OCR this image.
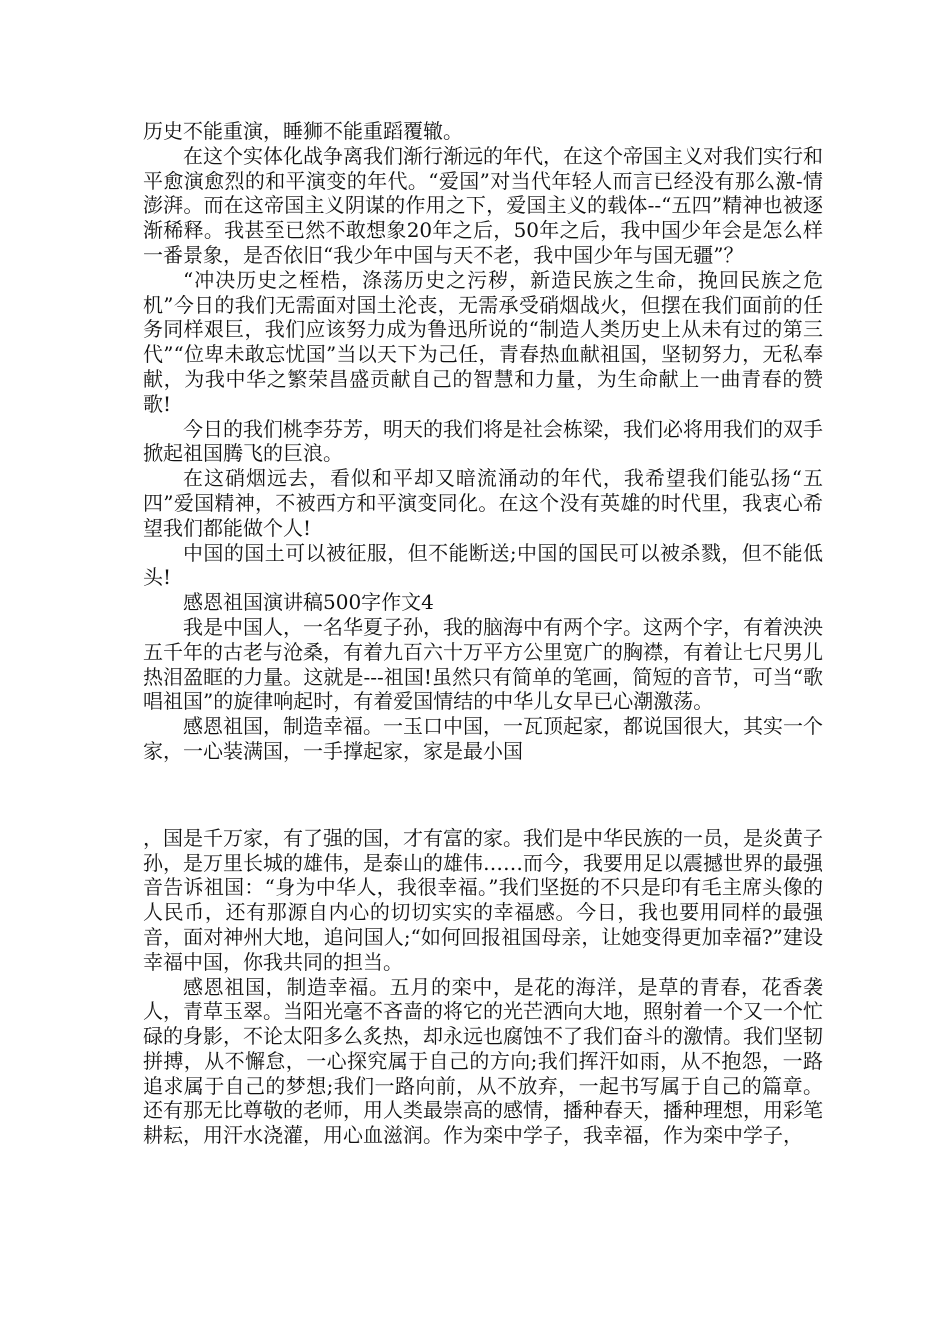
历史不能重演，睡狮不能重蹈覆辙。

在这个实体化战争离我们渐行渐远的年代，在这个帝国主义对我们实行和平愈演愈烈的和平演变的年代。“爱国”对当代年轻人而言已经没有那么激-情澎湃。而在这帝国主义阴谋的作用之下，爱国主义的载体--“五四”精神也被逐渐稀释。我甚至已然不敢想象20年之后，50年之后，我中国少年会是怎么样一番景象，是否依旧“我少年中国与天不老，我中国少年与国无疆”？

“冲决历史之桎梏，涤荡历史之污秽，新造民族之生命，挽回民族之危机”今日的我们无需面对国土沦丧，无需承受硝烟战火，但摆在我们面前的任务同样艰巨，我们应该努力成为鲁迅所说的“制造人类历史上从未有过的第三代”“位卑未敢忘忧国”当以天下为己任，青春热血献祖国，坚韧努力，无私奉献，为我中华之繁荣昌盛贡献自己的智慧和力量，为生命献上一曲青春的赞歌!

今日的我们桃李芬芳，明天的我们将是社会栋梁，我们必将用我们的双手掀起祖国腾飞的巨浪。

在这硝烟远去，看似和平却又暗流涌动的年代，我希望我们能弘扬“五四”爱国精神，不被西方和平演变同化。在这个没有英雄的时代里，我衷心希望我们都能做个人!

中国的国土可以被征服，但不能断送;中国的国民可以被杀戮，但不能低头!

感恩祖国演讲稿500字作文4

我是中国人，一名华夏子孙，我的脑海中有两个字。这两个字，有着泱泱五千年的古老与沧桑，有着九百六十万平方公里宽广的胸襟，有着让七尺男儿热泪盈眶的力量。这就是---祖国!虽然只有简单的笔画，简短的音节，可当“歌唱祖国”的旋律响起时，有着爱国情结的中华儿女早已心潮激荡。

感恩祖国，制造幸福。一玉口中国，一瓦顶起家，都说国很大，其实一个家，一心装满国，一手撑起家，家是最小国

，国是千万家，有了强的国，才有富的家。我们是中华民族的一员，是炎黄子孙，是万里长城的雄伟，是泰山的雄伟……而今，我要用足以震撼世界的最强音告诉祖国：“身为中华人，我很幸福。”我们坚挺的不只是印有毛主席头像的人民币，还有那源自内心的切切实实的幸福感。今日，我也要用同样的最强音，面对神州大地，追问国人;“如何回报祖国母亲，让她变得更加幸福?”建设幸福中国，你我共同的担当。

感恩祖国，制造幸福。五月的栾中，是花的海洋，是草的青春，花香袭人，青草玉翠。当阳光毫不吝啬的将它的光芒洒向大地，照射着一个又一个忙碌的身影，不论太阳多么炙热，却永远也腐蚀不了我们奋斗的激情。我们坚韧拼搏，从不懈怠，一心探究属于自己的方向;我们挥汗如雨，从不抱怨，一路追求属于自己的梦想;我们一路向前，从不放弃，一起书写属于自己的篇章。还有那无比尊敬的老师，用人类最崇高的感情，播种春天，播种理想，用彩笔耕耘，用汗水浇灌，用心血滋润。作为栾中学子，我幸福，作为栾中学子，
